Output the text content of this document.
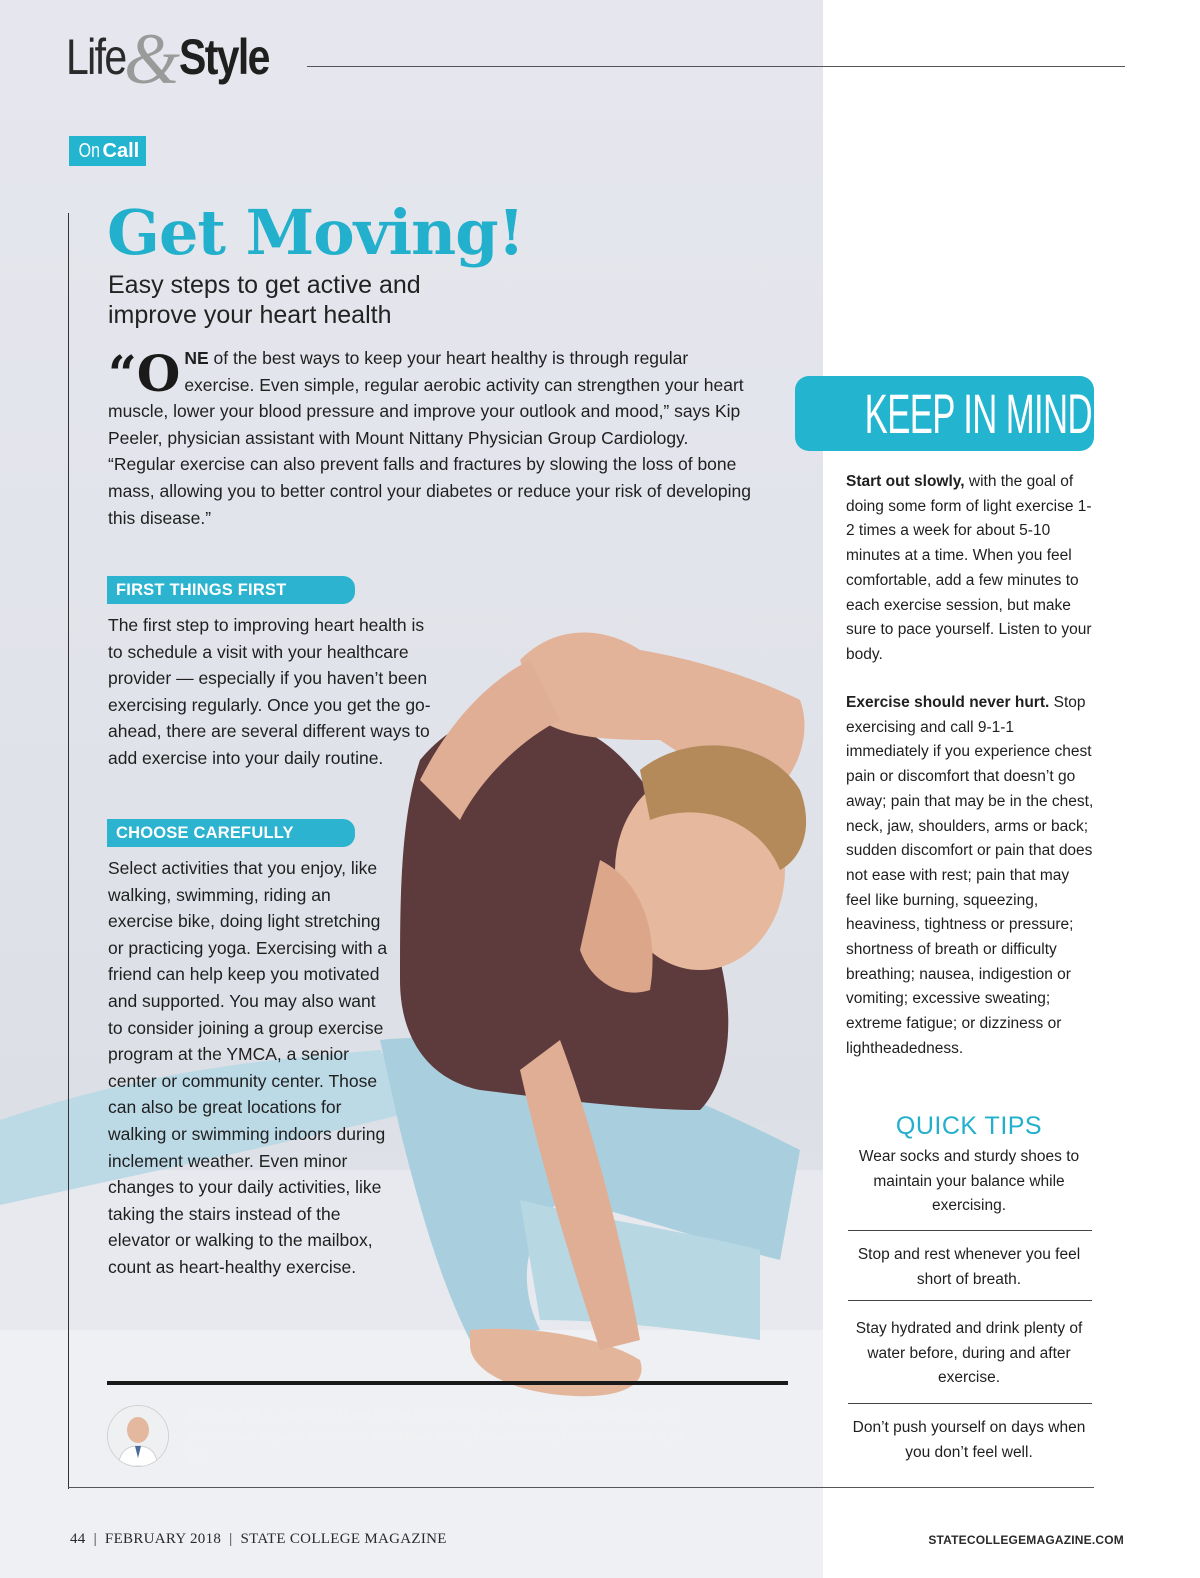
Life
&
Style
On Call
Get Moving!
Easy steps to get active and improve your heart health
“O NE of the best ways to keep your heart healthy is through regular exercise. Even simple, regular aerobic activity can strengthen your heart muscle, lower your blood pressure and improve your outlook and mood,” says Kip Peeler, physician assistant with Mount Nittany Physician Group Cardiology. “Regular exercise can also prevent falls and fractures by slowing the loss of bone mass, allowing you to better control your diabetes or reduce your risk of developing this disease.”
FIRST THINGS FIRST
The first step to improving heart health is to schedule a visit with your healthcare provider — especially if you haven’t been exercising regularly. Once you get the go-ahead, there are several different ways to add exercise into your daily routine.
CHOOSE CAREFULLY
Select activities that you enjoy, like walking, swimming, riding an exercise bike, doing light stretching or practicing yoga. Exercising with a friend can help keep you motivated and supported. You may also want to consider joining a group exercise program at the YMCA, a senior center or community center. Those can also be great locations for walking or swimming indoors during inclement weather. Even minor changes to your daily activities, like taking the stairs instead of the elevator or walking to the mailbox, count as heart-healthy exercise.
Kip Peeler, PA-C, cardiology, Mount Nittany Physician Group has been caring for our community for more than 20 years, and was the 2015 Mount Nittany Physician Group Provider Spotlight of the Year.
KEEP IN MIND
Start out slowly, with the goal of doing some form of light exercise 1-2 times a week for about 5-10 minutes at a time. When you feel comfortable, add a few minutes to each exercise session, but make sure to pace yourself. Listen to your body.
Exercise should never hurt. Stop exercising and call 9-1-1 immediately if you experience chest pain or discomfort that doesn’t go away; pain that may be in the chest, neck, jaw, shoulders, arms or back; sudden discomfort or pain that does not ease with rest; pain that may feel like burning, squeezing, heaviness, tightness or pressure; shortness of breath or difficulty breathing; nausea, indigestion or vomiting; excessive sweating; extreme fatigue; or dizziness or lightheadedness.
QUICK TIPS
Wear socks and sturdy shoes to maintain your balance while exercising.
Stop and rest whenever you feel short of breath.
Stay hydrated and drink plenty of water before, during and after exercise.
Don’t push yourself on days when you don’t feel well.
44 | FEBRUARY 2018 | STATE COLLEGE MAGAZINE	STATECOLLEGEMAGAZINE.COM
